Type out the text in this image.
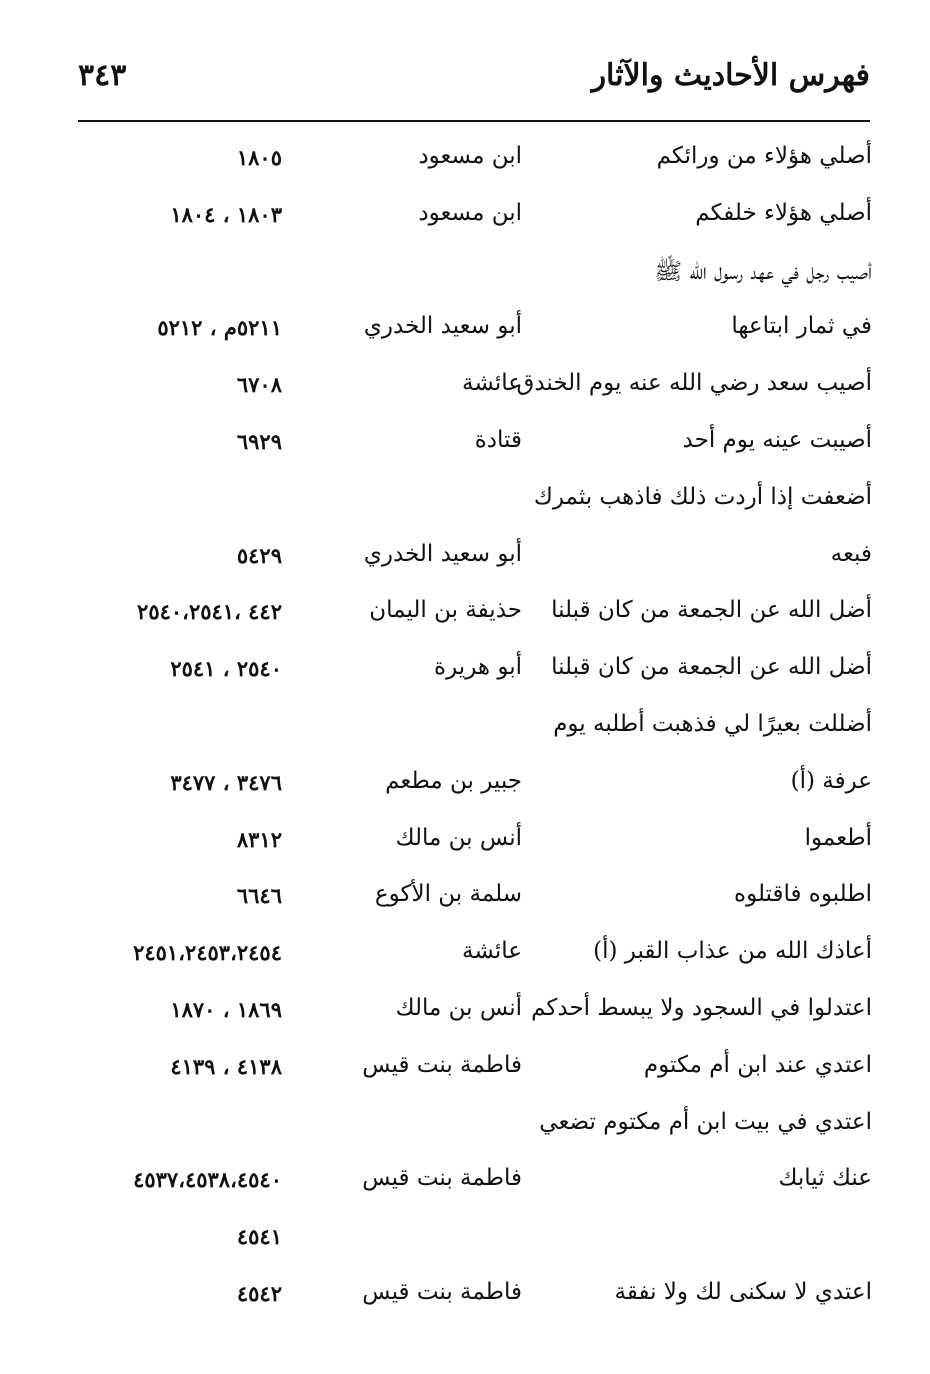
فهرس الأحاديث والآثار
٣٤٣
أصلي هؤلاء من ورائكم
ابن مسعود
١٨٠٥
أصلي هؤلاء خلفكم
ابن مسعود
١٨٠٣ ، ١٨٠٤
أصيب رجل في عهد رسول الله ﷺ
في ثمار ابتاعها
أبو سعيد الخدري
٥٢١١م ، ٥٢١٢
أصيب سعد رضي الله عنه يوم الخندق
عائشة
٦٧٠٨
أصيبت عينه يوم أحد
قتادة
٦٩٢٩
أضعفت إذا أردت ذلك فاذهب بثمرك
فبعه
أبو سعيد الخدري
٥٤٢٩
أضل الله عن الجمعة من كان قبلنا
حذيفة بن اليمان
٤٤٢ ،٢٥٤٠،٢٥٤١
أضل الله عن الجمعة من كان قبلنا
أبو هريرة
٢٥٤٠ ، ٢٥٤١
أضللت بعيرًا لي فذهبت أطلبه يوم
عرفة (أ)
جبير بن مطعم
٣٤٧٦ ، ٣٤٧٧
أطعموا
أنس بن مالك
٨٣١٢
اطلبوه فاقتلوه
سلمة بن الأكوع
٦٦٤٦
أعاذك الله من عذاب القبر (أ)
عائشة
٢٤٥١،٢٤٥٣،٢٤٥٤
اعتدلوا في السجود ولا يبسط أحدكم
أنس بن مالك
١٨٦٩ ، ١٨٧٠
اعتدي عند ابن أم مكتوم
فاطمة بنت قيس
٤١٣٨ ، ٤١٣٩
اعتدي في بيت ابن أم مكتوم تضعي
عنك ثيابك
فاطمة بنت قيس
٤٥٣٧،٤٥٣٨،٤٥٤٠
٤٥٤١
اعتدي لا سكنى لك ولا نفقة
فاطمة بنت قيس
٤٥٤٢
